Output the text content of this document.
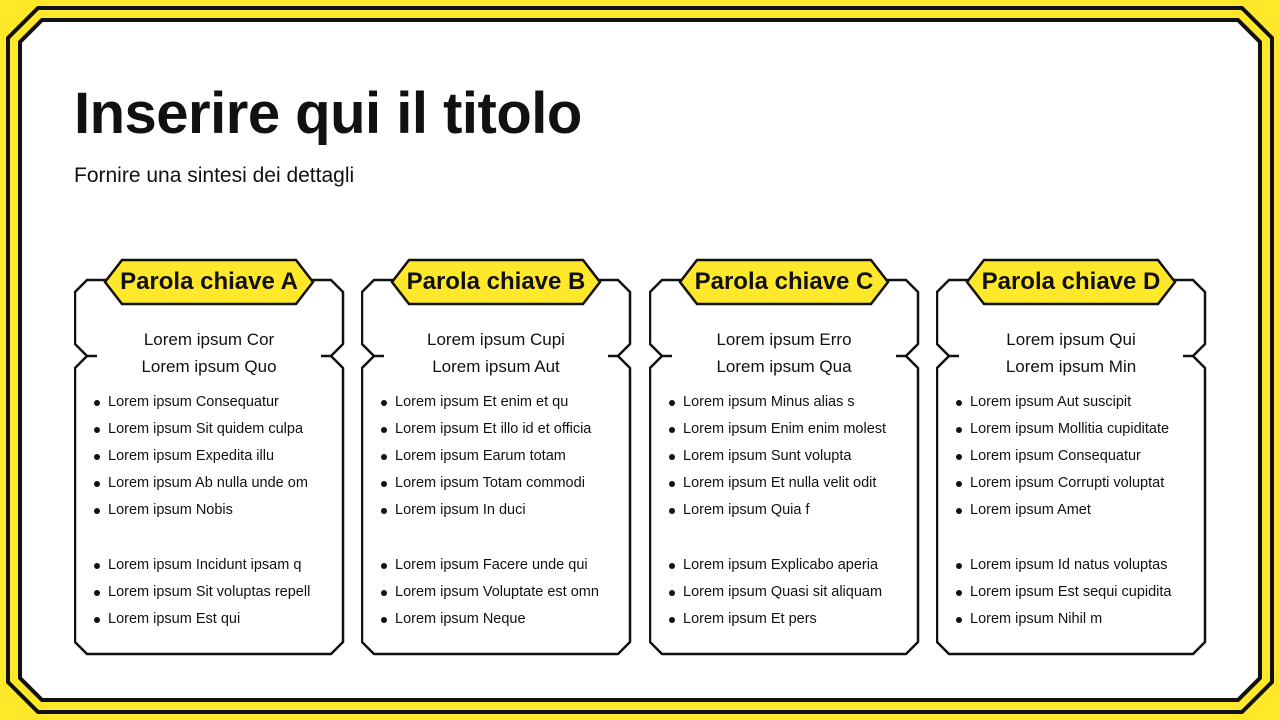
Inserire qui il titolo

Fornire una sintesi dei dettagli

Parola chiave A
Lorem ipsum Cor
Lorem ipsum Quo
Lorem ipsum Consequatur
Lorem ipsum Sit quidem culpa
Lorem ipsum Expedita illu
Lorem ipsum Ab nulla unde om
Lorem ipsum Nobis
Lorem ipsum Incidunt ipsam q
Lorem ipsum Sit voluptas repell
Lorem ipsum Est qui
Parola chiave B
Lorem ipsum Cupi
Lorem ipsum Aut
Lorem ipsum Et enim et qu
Lorem ipsum Et illo id et officia
Lorem ipsum Earum totam
Lorem ipsum Totam commodi
Lorem ipsum In duci
Lorem ipsum Facere unde qui
Lorem ipsum Voluptate est omn
Lorem ipsum Neque
Parola chiave C
Lorem ipsum Erro
Lorem ipsum Qua
Lorem ipsum Minus alias s
Lorem ipsum Enim enim molest
Lorem ipsum Sunt volupta
Lorem ipsum Et nulla velit odit
Lorem ipsum Quia f
Lorem ipsum Explicabo aperia
Lorem ipsum Quasi sit aliquam
Lorem ipsum Et pers
Parola chiave D
Lorem ipsum Qui
Lorem ipsum Min
Lorem ipsum Aut suscipit
Lorem ipsum Mollitia cupiditate
Lorem ipsum Consequatur
Lorem ipsum Corrupti voluptat
Lorem ipsum Amet
Lorem ipsum Id natus voluptas
Lorem ipsum Est sequi cupidita
Lorem ipsum Nihil m
